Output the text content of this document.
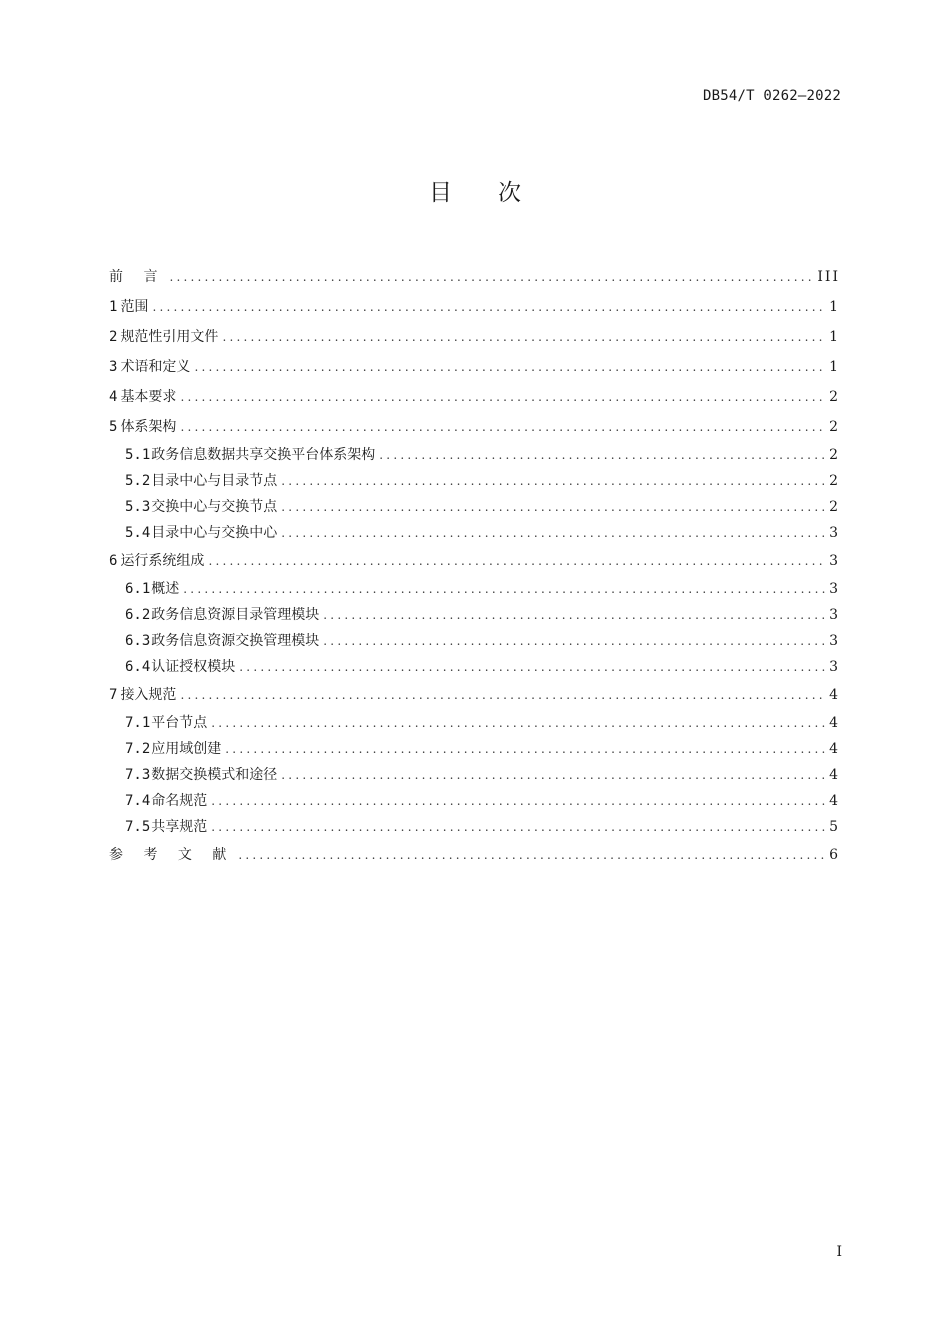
DB54/T 0262—2022
目 次
前 言 .....	III
1 范围 .....	1
2 规范性引用文件 .....	1
3 术语和定义 .....	1
4 基本要求 .....	2
5 体系架构 .....	2
5.1 政务信息数据共享交换平台体系架构 .....	2
5.2 目录中心与目录节点 .....	2
5.3 交换中心与交换节点 .....	2
5.4 目录中心与交换中心 .....	3
6 运行系统组成 .....	3
6.1 概述 .....	3
6.2 政务信息资源目录管理模块 .....	3
6.3 政务信息资源交换管理模块 .....	3
6.4 认证授权模块 .....	3
7 接入规范 .....	4
7.1 平台节点 .....	4
7.2 应用域创建 .....	4
7.3 数据交换模式和途径 .....	4
7.4 命名规范 .....	4
7.5 共享规范 .....	5
参 考 文 献 .....	6
I
